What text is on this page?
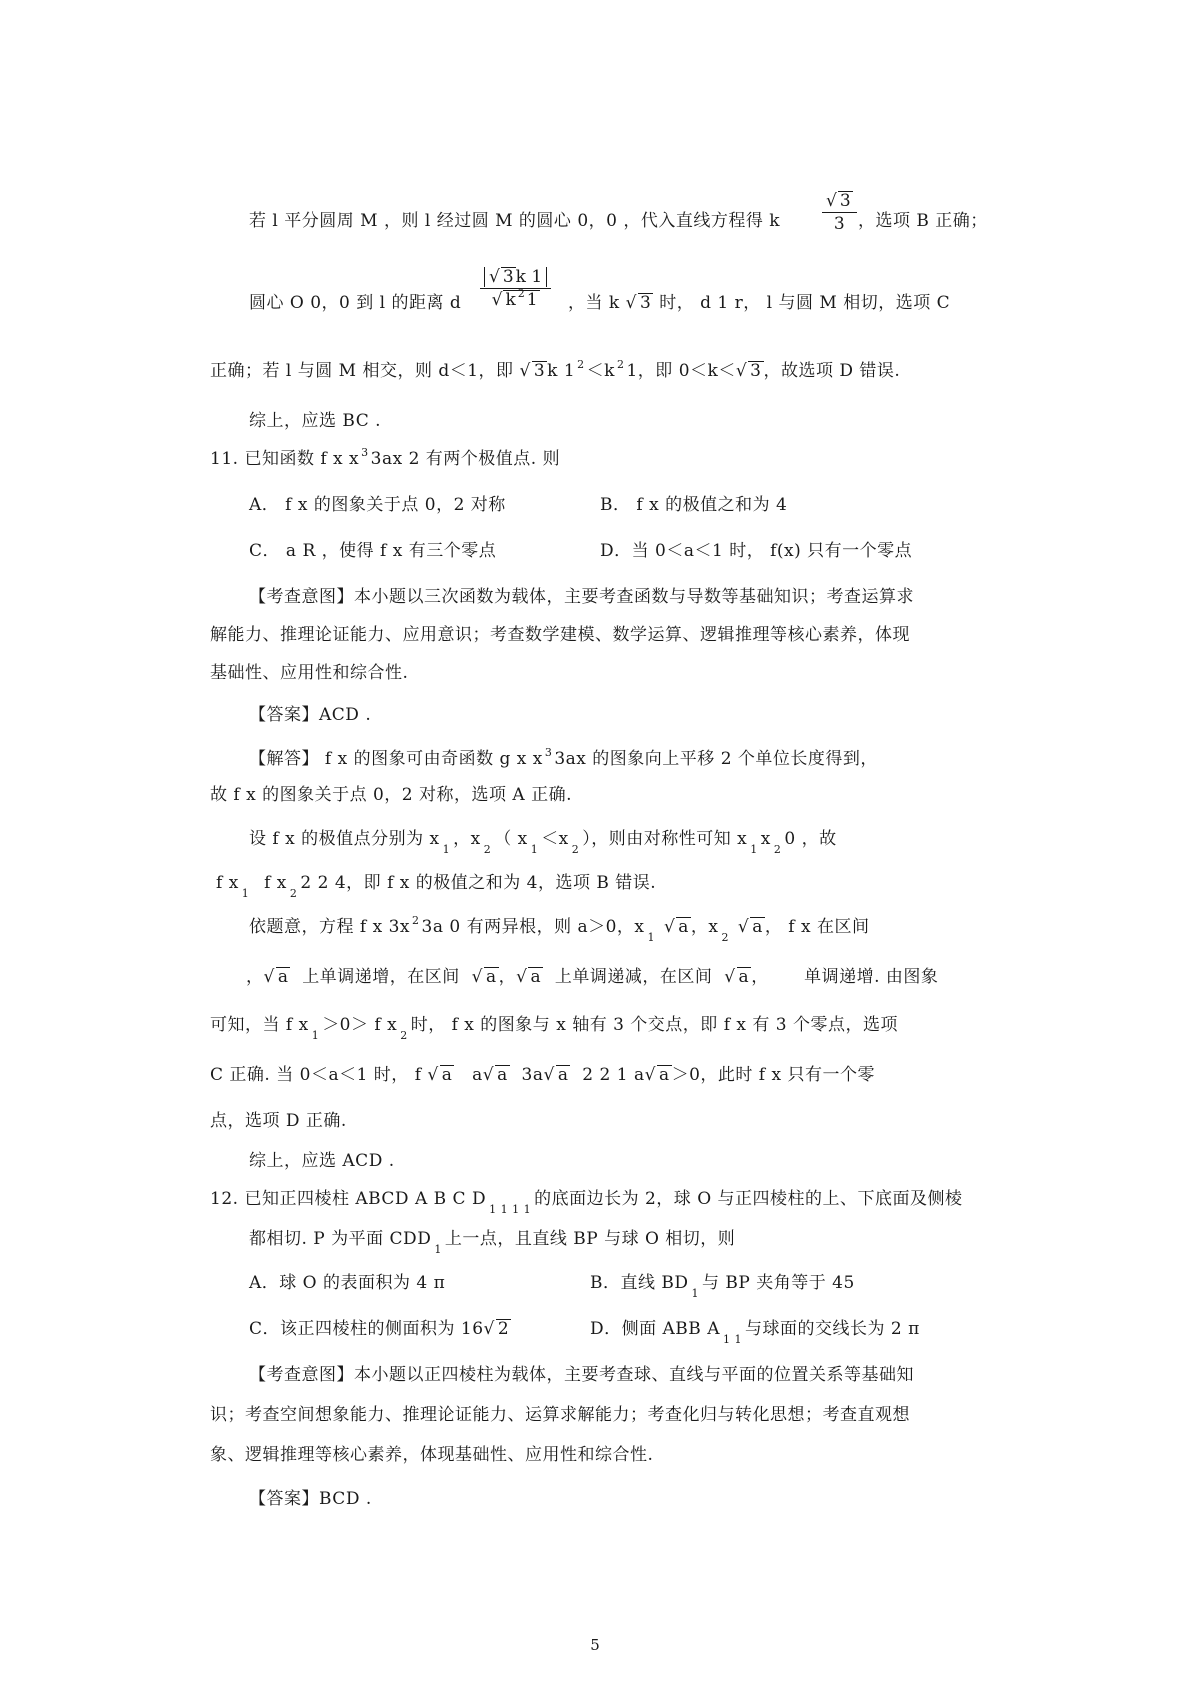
若 l 平分圆周 M ，则 l 经过圆 M 的圆心 0，0 ，代入直线方程得 k $\frac{√ 3}{3}$ ，选项 B 正确；
圆心 O 0，0 到 l 的距离 d $\frac{√ 3 k 1}{√ k ^2 1}$ ，当 k √ 3 时， d 1 r， l 与圆 M 相切，选项 C
正确；若 l 与圆 M 相交，则 d＜1，即 √ 3 k 1 $^2$ ＜k $^2$ 1，即 0＜k＜√ 3 ，故选项 D 错误.
综上，应选 BC .
11. 已知函数 f x x $^3$ 3ax 2 有两个极值点. 则
A． f x 的图象关于点 0，2 对称	B． f x 的极值之和为 4
C． a R ，使得 f x 有三个零点	D．当 0＜a＜1 时， f(x) 只有一个零点
【考查意图】本小题以三次函数为载体，主要考查函数与导数等基础知识；考查运算求
解能力、推理论证能力、应用意识；考查数学建模、数学运算、逻辑推理等核心素养，体现
基础性、应用性和综合性.
【答案】ACD .
【解答】 f x 的图象可由奇函数 g x x $^3$ 3ax 的图象向上平移 2 个单位长度得到，
故 f x 的图象关于点 0，2 对称，选项 A 正确.
设 f x 的极值点分别为 $x_1$，$x_2$（ $x_1<x_2$），则由对称性可知 $x_1x_20$ ，故
f $x_1$  f $x_22$ 2 4，即 f x 的极值之和为 4，选项 B 错误.
依题意，方程 f x 3x $^2$ 3a 0 有两异根，则 a＞0，$x_1$ √ a ，$x_2$ √ a ， f x 在区间
，√ a 上单调递增，在区间 √ a ，√ a 上单调递减，在区间 √ a ， 单调递增. 由图象
可知，当 f $x_1>0> f$ $x_2$时， f x 的图象与 x 轴有 3 个交点，即 f x 有 3 个零点，选项
C 正确. 当 0＜a＜1 时， f √ a a√ a 3a√ a 2 2 1 a√ a ＞0，此时 f x 只有一个零
点，选项 D 正确.
综上，应选 ACD .
12. 已知正四棱柱 ABCD A B C $D_{1 1 1 1}$的底面边长为 2，球 O 与正四棱柱的上、下底面及侧棱
都相切. P 为平面 $CDD_1$上一点，且直线 BP 与球 O 相切，则
A．球 O 的表面积为 4 π	B．直线 $BD_1$与 BP 夹角等于 45
C．该正四棱柱的侧面积为 16√ 2	D．侧面 ABB $A_{1 1}$与球面的交线长为 2 π
【考查意图】本小题以正四棱柱为载体，主要考查球、直线与平面的位置关系等基础知
识；考查空间想象能力、推理论证能力、运算求解能力；考查化归与转化思想；考查直观想
象、逻辑推理等核心素养，体现基础性、应用性和综合性.
【答案】BCD .
5
